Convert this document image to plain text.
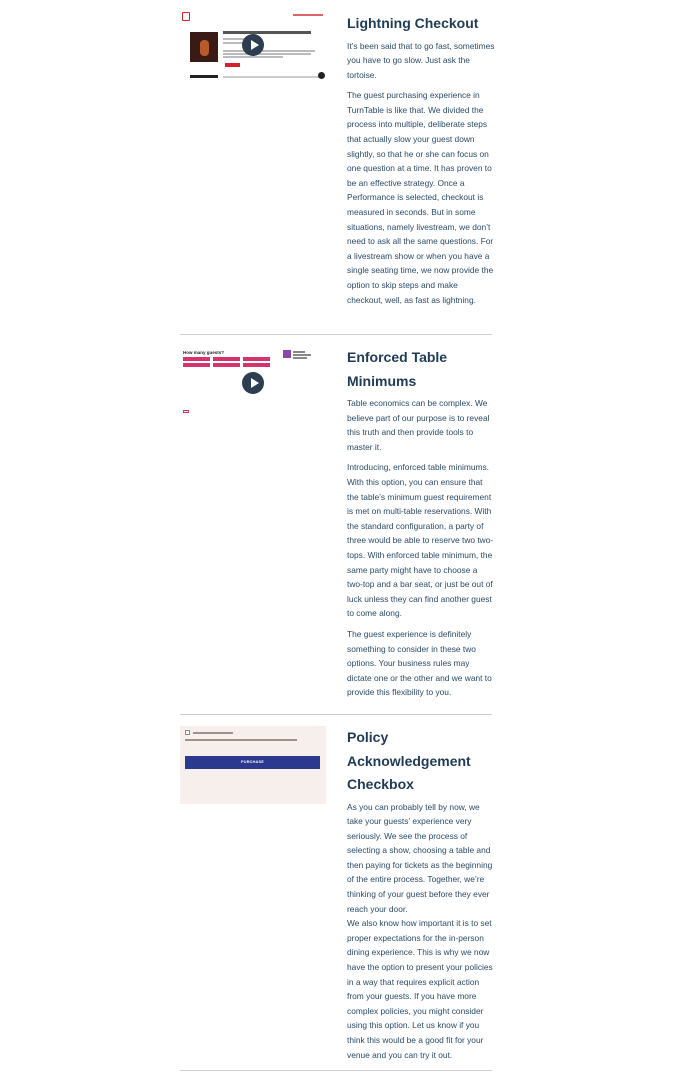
Lightning Checkout

It’s been said that to go fast, sometimes you have to go slow. Just ask the tortoise.

The guest purchasing experience in TurnTable is like that. We divided the process into multiple, deliberate steps that actually slow your guest down slightly, so that he or she can focus on one question at a time. It has proven to be an effective strategy. Once a Performance is selected, checkout is measured in seconds. But in some situations, namely livestream, we don’t need to ask all the same questions. For a livestream show or when you have a single seating time, we now provide the option to skip steps and make checkout, well, as fast as lightning.

How many guests?	Enforced Table Minimums

Table economics can be complex. We believe part of our purpose is to reveal this truth and then provide tools to master it.

Introducing, enforced table minimums. With this option, you can ensure that the table’s minimum guest requirement is met on multi-table reservations. With the standard configuration, a party of three would be able to reserve two two-tops. With enforced table minimum, the same party might have to choose a two-top and a bar seat, or just be out of luck unless they can find another guest to come along.

The guest experience is definitely something to consider in these two options. Your business rules may dictate one or the other and we want to provide this flexibility to you.

PURCHASE
Policy Acknowledgement Checkbox

As you can probably tell by now, we take your guests’ experience very seriously. We see the process of selecting a show, choosing a table and then paying for tickets as the beginning of the entire process. Together, we’re thinking of your guest before they ever reach your door.

We also know how important it is to set proper expectations for the in-person dining experience. This is why we now have the option to present your policies in a way that requires explicit action from your guests. If you have more complex policies, you might consider using this option. Let us know if you think this would be a good fit for your venue and you can try it out.
